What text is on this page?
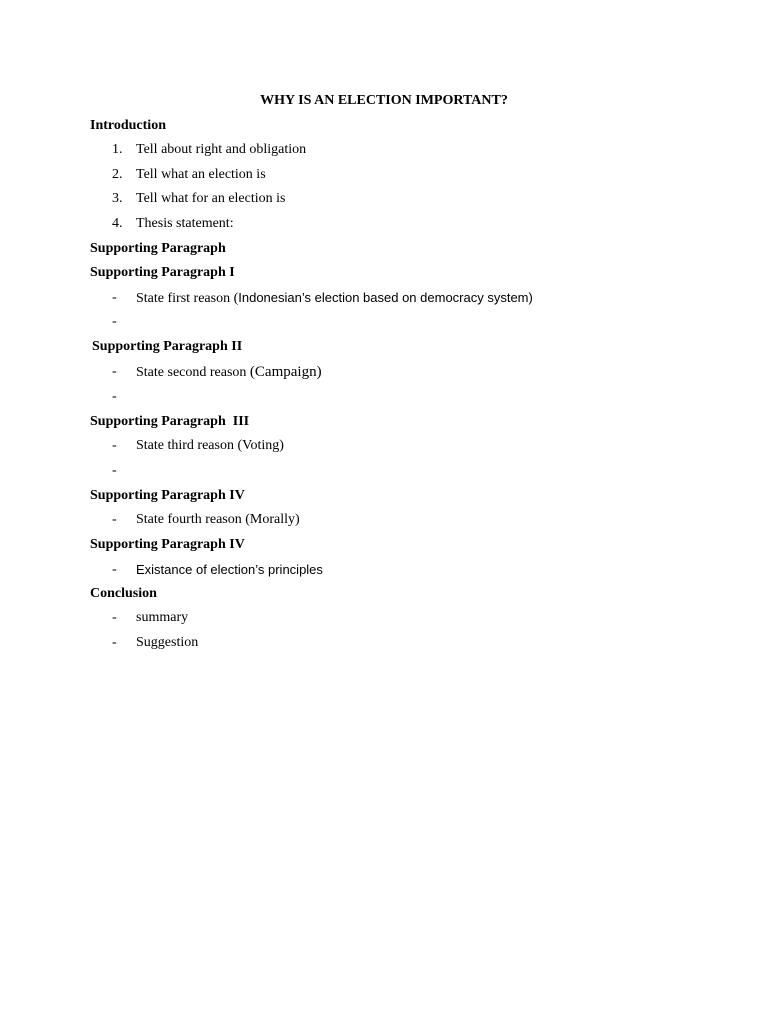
WHY IS AN ELECTION IMPORTANT?
Introduction
1. Tell about right and obligation
2. Tell what an election is
3. Tell what for an election is
4. Thesis statement:
Supporting Paragraph
Supporting Paragraph I
- State first reason (Indonesian’s election based on democracy system)
-
Supporting Paragraph II
- State second reason (Campaign)
-
Supporting Paragraph  III
- State third reason (Voting)
-
Supporting Paragraph IV
- State fourth reason (Morally)
Supporting Paragraph IV
- Existance of election’s principles
Conclusion
- summary
- Suggestion
